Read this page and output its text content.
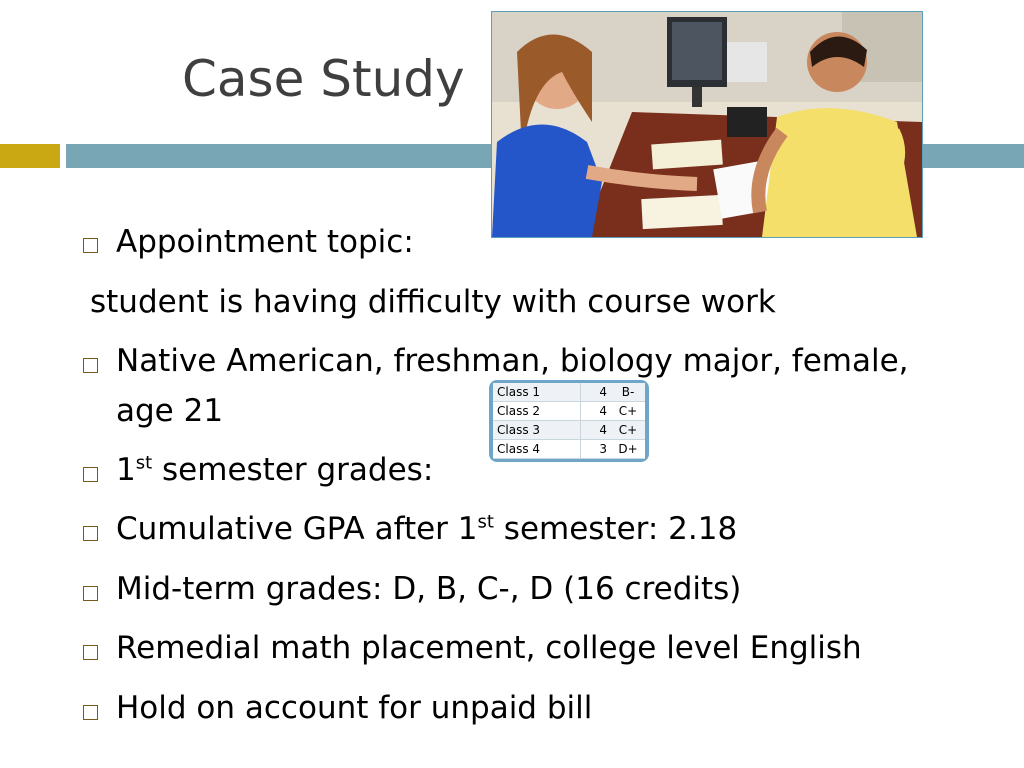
Case Study
Appointment topic:
student is having difficulty with course work
Native American, freshman, biology major, female,
age 21
1st semester grades:
Cumulative GPA after 1st semester: 2.18
Mid-term grades: D, B, C-, D (16 credits)
Remedial math placement, college level English
Hold on account for unpaid bill
Class 1	4	B-
Class 2	4	C+
Class 3	4	C+
Class 4	3	D+
